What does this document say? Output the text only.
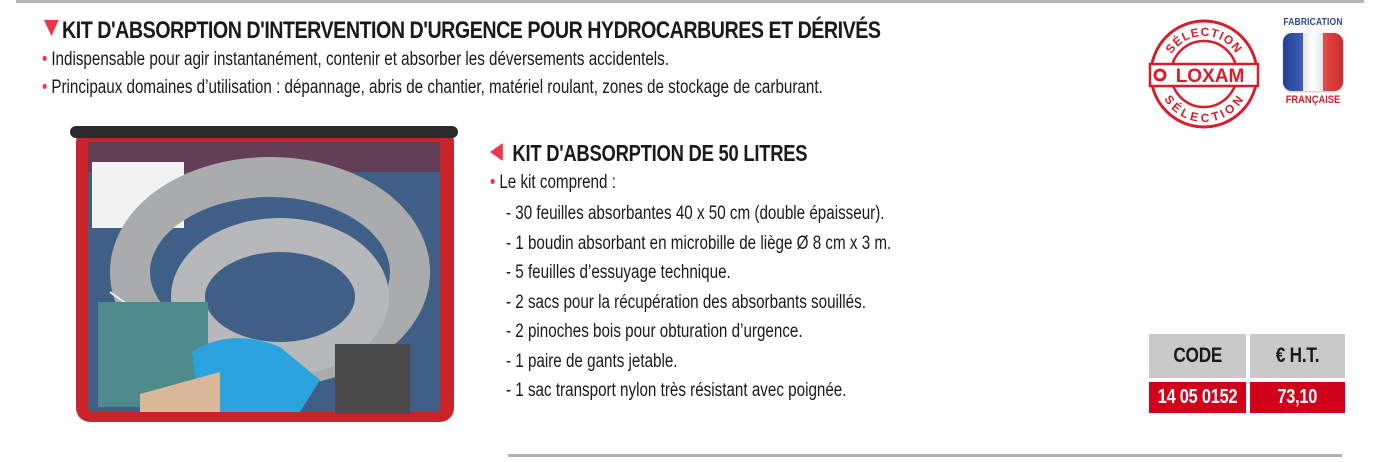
KIT D'ABSORPTION D'INTERVENTION D'URGENCE POUR HYDROCARBURES ET DÉRIVÉS
• Indispensable pour agir instantanément, contenir et absorber les déversements accidentels.
• Principaux domaines d’utilisation : dépannage, abris de chantier, matériel roulant, zones de stockage de carburant.
KIT D'ABSORPTION DE 50 LITRES
• Le kit comprend :
- 30 feuilles absorbantes 40 x 50 cm (double épaisseur).
- 1 boudin absorbant en microbille de liège Ø 8 cm x 3 m.
- 5 feuilles d’essuyage technique.
- 2 sacs pour la récupération des absorbants souillés.
- 2 pinoches bois pour obturation d’urgence.
- 1 paire de gants jetable.
- 1 sac transport nylon très résistant avec poignée.
SÉLECTION
SÉLECTION
LOXAM
FABRICATION
FRANÇAISE
CODE	€ H.T.
14 05 0152	73,10
